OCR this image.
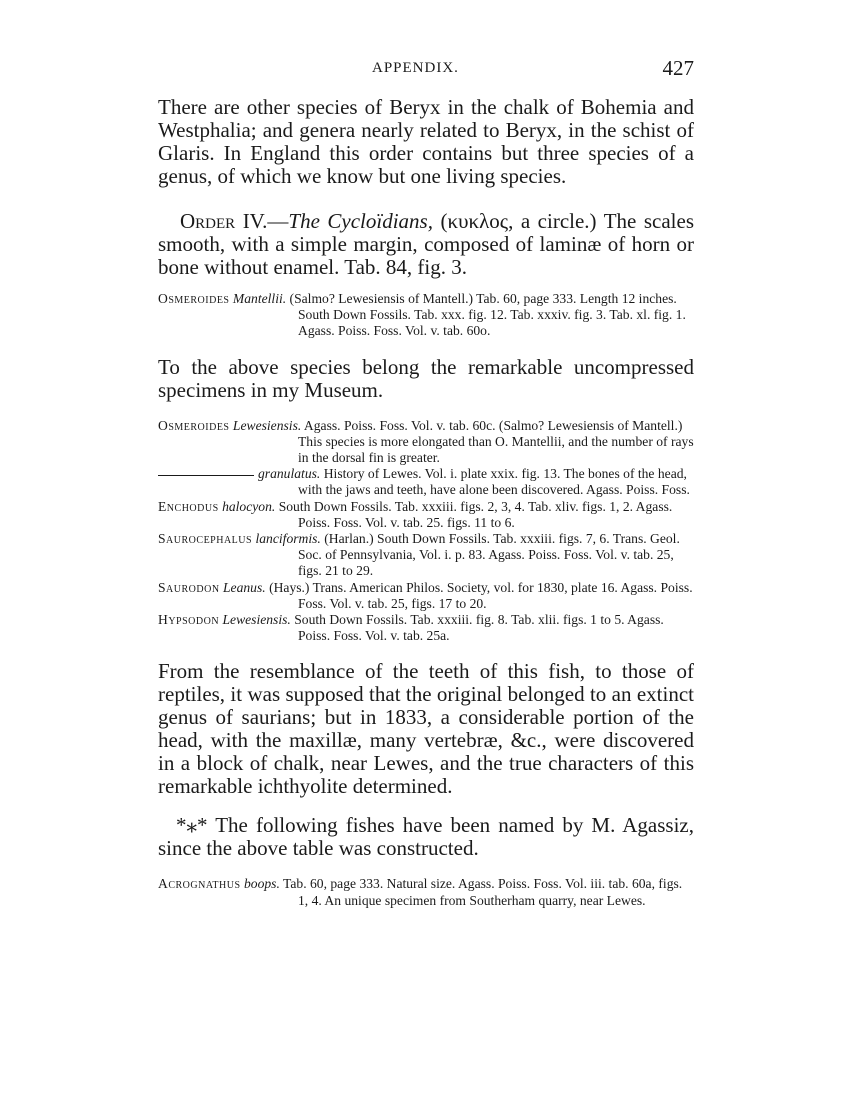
APPENDIX.	427

There are other species of Beryx in the chalk of Bohemia and Westphalia; and genera nearly related to Beryx, in the schist of Glaris. In England this order contains but three species of a genus, of which we know but one living species.

Order IV.—The Cycloïdians, (κυκλος, a circle.) The scales smooth, with a simple margin, composed of laminæ of horn or bone without enamel. Tab. 84, fig. 3.

Osmeroides Mantellii. (Salmo? Lewesiensis of Mantell.) Tab. 60, page 333. Length 12 inches. South Down Fossils. Tab. xxx. fig. 12. Tab. xxxiv. fig. 3. Tab. xl. fig. 1. Agass. Poiss. Foss. Vol. v. tab. 60o.

To the above species belong the remarkable uncompressed specimens in my Museum.

Osmeroides Lewesiensis. Agass. Poiss. Foss. Vol. v. tab. 60c. (Salmo? Lewesiensis of Mantell.) This species is more elongated than O. Mantellii, and the number of rays in the dorsal fin is greater.

granulatus. History of Lewes. Vol. i. plate xxix. fig. 13. The bones of the head, with the jaws and teeth, have alone been discovered. Agass. Poiss. Foss.

Enchodus halocyon. South Down Fossils. Tab. xxxiii. figs. 2, 3, 4. Tab. xliv. figs. 1, 2. Agass. Poiss. Foss. Vol. v. tab. 25. figs. 11 to 6.

Saurocephalus lanciformis. (Harlan.) South Down Fossils. Tab. xxxiii. figs. 7, 6. Trans. Geol. Soc. of Pennsylvania, Vol. i. p. 83. Agass. Poiss. Foss. Vol. v. tab. 25, figs. 21 to 29.

Saurodon Leanus. (Hays.) Trans. American Philos. Society, vol. for 1830, plate 16. Agass. Poiss. Foss. Vol. v. tab. 25, figs. 17 to 20.

Hypsodon Lewesiensis. South Down Fossils. Tab. xxxiii. fig. 8. Tab. xlii. figs. 1 to 5. Agass. Poiss. Foss. Vol. v. tab. 25a.

From the resemblance of the teeth of this fish, to those of reptiles, it was supposed that the original belonged to an extinct genus of saurians; but in 1833, a considerable portion of the head, with the maxillæ, many vertebræ, &c., were discovered in a block of chalk, near Lewes, and the true characters of this remarkable ichthyolite determined.

*⁎* The following fishes have been named by M. Agassiz, since the above table was constructed.

Acrognathus boops. Tab. 60, page 333. Natural size. Agass. Poiss. Foss. Vol. iii. tab. 60a, figs. 1, 4. An unique specimen from Southerham quarry, near Lewes.
